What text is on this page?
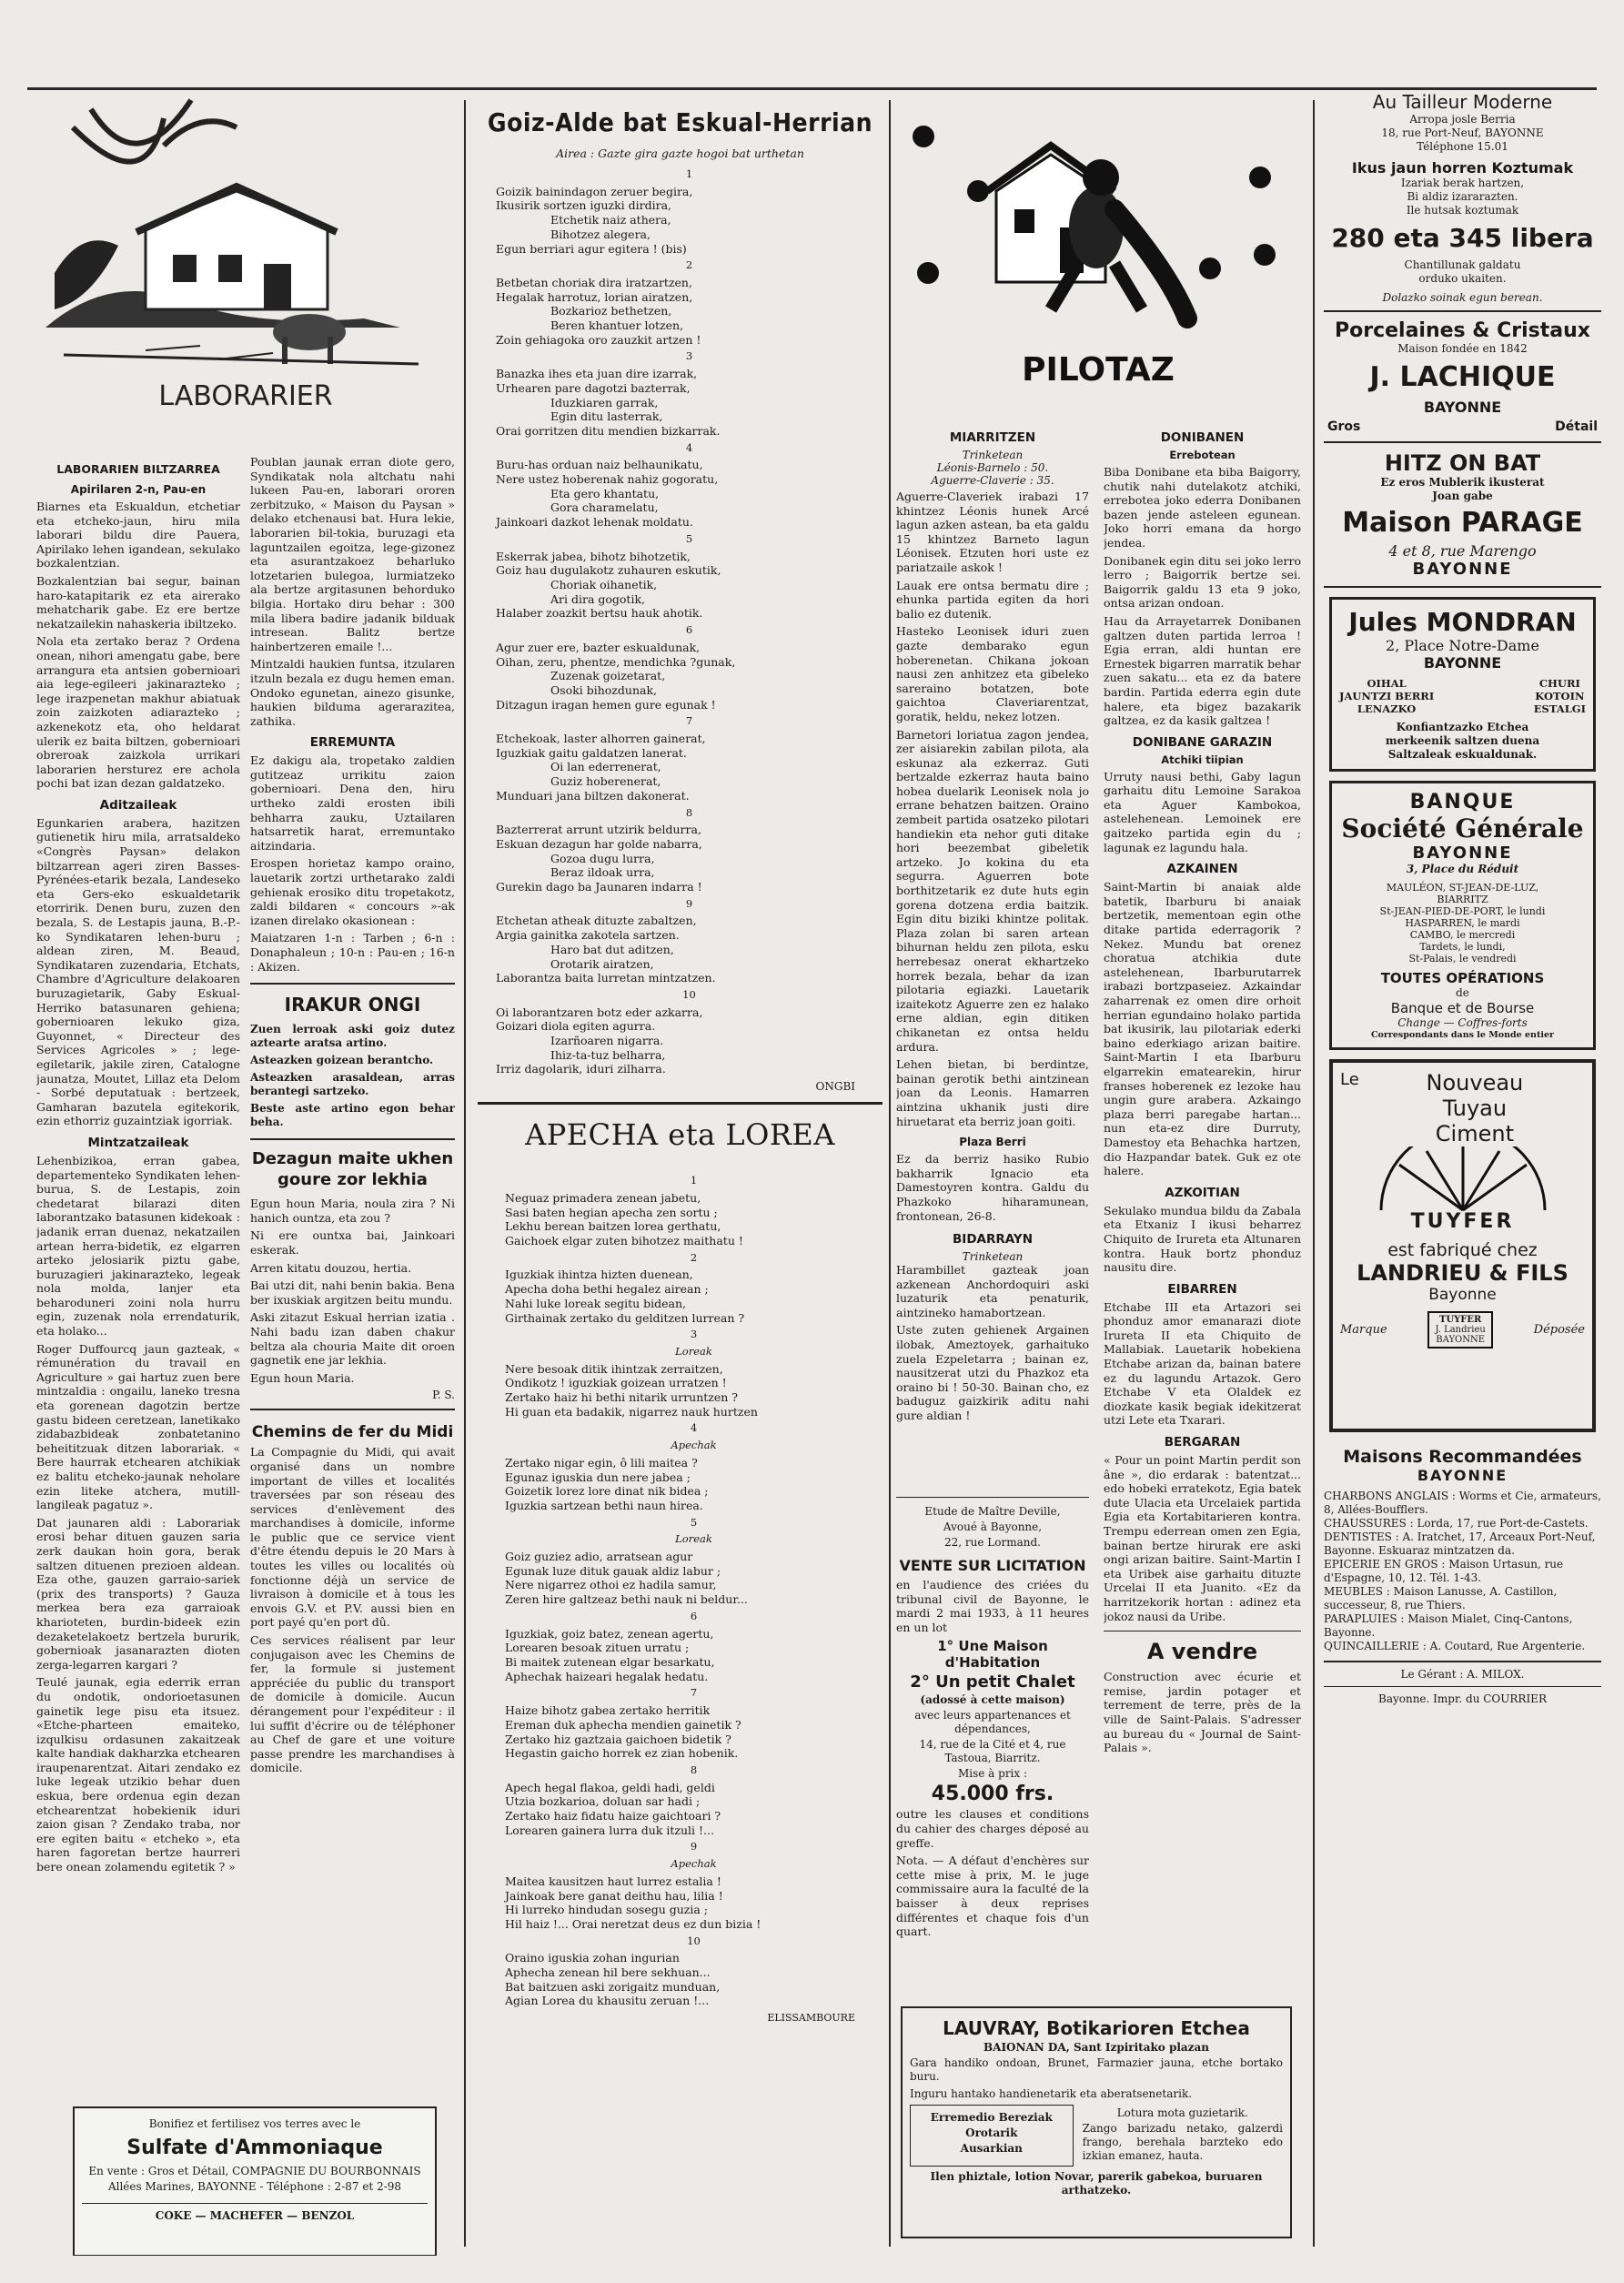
LABORARIER
LABORARIEN BILTZARREA
Apirilaren 2-n, Pau-en

Biarnes eta Eskualdun, etchetiar eta etcheko-jaun, hiru mila laborari bildu dire Pauera, Apirilako lehen igandean, sekulako bozkalentzian.

Bozkalentzian bai segur, bainan haro-katapitarik ez eta airerako mehatcharik gabe. Ez ere bertze nekatzailekin nahaskeria ibiltzeko.

Nola eta zertako beraz ? Ordena onean, nihori amengatu gabe, bere arrangura eta antsien gobernioari aiа lege-egileeri jakinarazteko ; lege irazpenetan makhur abiatuak zoin zaizkoten adiarazteko ; azkenekotz eta, oho heldarat ulerik ez baita biltzen, gobernioari obreroak zaizkola urrikari laborarien hersturez ere achola pochi bat izan dezan galdatzeko.

Aditzaileak

Egunkarien arabera, hazitzen gutienetik hiru mila, arratsaldeko «Congrès Paysan» delakon biltzarrean ageri ziren Basses-Pyrénées-etarik bezala, Landeseko eta Gers-eko eskualdetarik etorririk. Denen buru, zuzen den bezala, S. de Lestapis jauna, B.-P.-ko Syndikataren lehen-buru ; aldean ziren, M. Beaud, Syndikataren zuzendaria, Etchats, Chambre d'Agriculture delakoaren buruzagietarik, Gaby Eskual-Herriko batasunaren gehiena; gobernioaren lekuko giza, Guyonnet, « Directeur des Services Agricoles » ; lege-egiletarik, jakile ziren, Catalogne jaunatza, Moutet, Lillaz eta Delom - Sorbé deputatuak : bertzeek, Gamharan bazutela egitekorik, ezin ethorriz guzaintziak igorriak.

Mintzatzaileak

Lehenbizikoa, erran gabea, departementeko Syndikaten lehen-burua, S. de Lestapis, zoin chedetarat bilarazi diten laborantzako batasunen kidekoak : jadanik erran duenaz, nekatzailen artean herra-bidetik, ez elgarren arteko jelosiarik piztu gabe, buruzagieri jakinarazteko, legeak nola molda, lanjer eta beharoduneri zoini nola hurru egin, zuzenak nola errendaturik, eta holako...

Roger Duffourcq jaun gazteak, « rémunération du travail en Agriculture » gai hartuz zuen bere mintzaldia : ongailu, laneko tresna eta gorenean dagotzin bertze gastu bideen ceretzean, lanetikako zidabazbideak zonbatetanino beheititzuak ditzen laborariak. « Bere haurrak etchearen atchikiak ez balitu etcheko-jaunak neholare ezin liteke atchera, mutill-langileak pagatuz ».

Dat jaunaren aldi : Laborariak erosi behar dituen gauzen saria zerk daukan hoin gora, berak saltzen dituenen prezioen aldean. Eza othe, gauzen garraio-sariek (prix des transports) ? Gauza merkea bera eza garraioak kharioteten, burdin-bideek ezin dezaketelakoetz bertzela bururik, gobernioak jasanarazten dioten zerga-legarren kargari ?

Teulé jaunak, egia ederrik erran du ondotik, ondorioetasunen gainetik lege pisu eta itsuez. «Etche-pharteen emaiteko, izqulkisu ordasunen zakaitzeak kalte handiak dakharzka etchearen iraupenarentzat. Aitari zendako ez luke legeak utzikio behar duen eskua, bere ordenua egin dezan etchearentzat hobekienik iduri zaion gisan ? Zendako traba, nor ere egiten baitu « etcheko », eta haren fagoretan bertze haurreri bere onean zolamendu egitetik ? »

Poublan jaunak erran diote gero, Syndikatak nola altchatu nahi lukeen Pau-en, laborari ororen zerbitzuko, « Maison du Paysan » delako etchenausi bat. Hura lekie, laborarien bil-tokia, buruzagi eta laguntzailen egoitza, lege-gizonez eta asurantzakoez beharluko lotzetarien bulegoa, lurmiatzeko ala bertze argitasunen behorduko bilgia. Hortako diru behar : 300 mila libera badire jadanik bilduak intresean. Balitz bertze hainbertzeren emaile !...

Mintzaldi haukien funtsa, itzularen itzuln bezala ez dugu hemen eman. Ondoko egunetan, ainezo gisunke, haukien bilduma agerarazitea, zathika.

ERREMUNTA

Ez dakigu ala, tropetako zaldien gutitzeaz urrikitu zaion gobernioari. Dena den, hiru urtheko zaldi erosten ibili behharra zauku, Uztailaren hatsarretik harat, erremuntako aitzindaria.

Erospen horietaz kampo oraino, lauetarik zortzi urthetarako zaldi gehienak erosiko ditu tropetakotz, zaldi bildaren « concours »-ak izanen direlako okasionean :

Maiatzaren 1-n : Tarben ; 6-n : Donaphaleun ; 10-n : Pau-en ; 16-n : Akizen.

IRAKUR ONGI

Zuen lerroak aski goiz dutez aztearte aratsa artino.

Asteazken goizean berantcho.

Asteazken arasaldean, arras berantegi sartzeko.

Beste aste artino egon behar beha.

Dezagun maite ukhen
goure zor lekhia

Egun houn Maria, noula zira ? Ni hanich ountza, eta zou ?

Ni ere ountxa bai, Jainkoari eskerak.

Arren kitatu douzou, hertia.

Bai utzi dit, nahi benin bakia. Bena ber ixuskiak argitzen beitu mundu.

Aski zitazut Eskual herrian izatia . Nahi badu izan daben chakur beltza ala chouria Maite dit oroen gagnetik ene jar lekhia.

Egun houn Maria.

P. S.
Chemins de fer du Midi

La Compagnie du Midi, qui avait organisé dans un nombre important de villes et localités traversées par son réseau des services d'enlèvement des marchandises à domicile, informe le public que ce service vient d'être étendu depuis le 20 Mars à toutes les villes ou localités où fonctionne déjà un service de livraison à domicile et à tous les envois G.V. et P.V. aussi bien en port payé qu'en port dû.

Ces services réalisent par leur conjugaison avec les Chemins de fer, la formule si justement appréciée du public du transport de domicile à domicile. Aucun dérangement pour l'expéditeur : il lui suffit d'écrire ou de téléphoner au Chef de gare et une voiture passe prendre les marchandises à domicile.

Bonifiez et fertilisez vos terres avec le
Sulfate d'Ammoniaque
En vente : Gros et Détail, COMPAGNIE DU BOURBONNAIS
Allées Marines, BAYONNE - Téléphone : 2-87 et 2-98
COKE — MACHEFER — BENZOL
Goiz-Alde bat Eskual-Herrian
Airea : Gazte gira gazte hogoi bat urthetan
1
Goizik bainindagon zeruer begira,
Ikusirik sortzen iguzki dirdira,
Etchetik naiz athera,
Bihotzez alegera,
Egun berriari agur egitera ! (bis)
2
Betbetan choriak dira iratzartzen,
Hegalak harrotuz, lorian airatzen,
Bozkarioz bethetzen,
Beren khantuer lotzen,
Zoin gehiagoka oro zauzkit artzen !
3
Banazka ihes eta juan dire izarrak,
Urhearen pare dagotzi bazterrak,
Iduzkiaren garrak,
Egin ditu lasterrak,
Orai gorritzen ditu mendien bizkarrak.
4
Buru-has orduan naiz belhaunikatu,
Nere ustez hoberenak nahiz gogoratu,
Eta gero khantatu,
Gora charamelatu,
Jainkoari dazkot lehenak moldatu.
5
Eskerrak jabea, bihotz bihotzetik,
Goiz hau dugulakotz zuhauren eskutik,
Choriak oihanetik,
Ari dira gogotik,
Halaber zoazkit bertsu hauk ahotik.
6
Agur zuer ere, bazter eskualdunak,
Oihan, zeru, phentze, mendichka ?gunak,
Zuzenak goizetarat,
Osoki bihozdunak,
Ditzagun iragan hemen gure egunak !
7
Etchekoak, laster alhorren gainerat,
Iguzkiak gaitu galdatzen lanerat.
Oi lan ederrenerat,
Guziz hoberenerat,
Munduari jana biltzen dakonerat.
8
Bazterrerat arrunt utzirik beldurra,
Eskuan dezagun har golde nabarra,
Gozoa dugu lurra,
Beraz ildoak urra,
Gurekin dago ba Jaunaren indarra !
9
Etchetan atheak dituzte zabaltzen,
Argia gainitka zakotela sartzen.
Haro bat dut aditzen,
Orotarik airatzen,
Laborantza baita lurretan mintzatzen.
10
Oi laborantzaren botz eder azkarra,
Goizari diola egiten agurra.
Izarñoaren nigarra.
Ihiz-ta-tuz belharra,
Irriz dagolarik, iduri zilharra.
ONGBI
APECHA eta LOREA
1
Neguaz primadera zenean jabetu,
Sasi baten hegian apecha zen sortu ;
Lekhu berean baitzen lorea gerthatu,
Gaichoek elgar zuten bihotzez maithatu !
2
Iguzkiak ihintza hizten duenean,
Apecha doha bethi hegalez airean ;
Nahi luke loreak segitu bidean,
Girthainak zertako du gelditzen lurrean ?
3
Loreak
Nere besoak ditik ihintzak zerraitzen,
Ondikotz ! iguzkiak goizean urratzen !
Zertako haiz hi bethi nitarik urruntzen ?
Hi guan eta badakik, nigarrez nauk hurtzen
4
Apechak
Zertako nigar egin, ô lili maitea ?
Egunaz iguskia dun nere jabea ;
Goizetik lorez lore dinat nik bidea ;
Iguzkia sartzean bethi naun hirea.
5
Loreak
Goiz guziez adio, arratsean agur
Egunak luze dituk gauak aldiz labur ;
Nere nigarrez othoi ez hadila samur,
Zeren hire galtzeaz bethi nauk ni beldur...
6
Iguzkiak, goiz batez, zenean agertu,
Lorearen besoak zituen urratu ;
Bi maitek zutenean elgar besarkatu,
Aphechak haizeari hegalak hedatu.
7
Haize bihotz gabea zertako herritik
Ereman duk aphecha mendien gainetik ?
Zertako hiz gaztzaia gaichoen bidetik ?
Hegastin gaicho horrek ez zian hobenik.
8
Apech hegal flakoa, geldi hadi, geldi
Utzia bozkarioa, doluan sar hadi ;
Zertako haiz fidatu haize gaichtoari ?
Lorearen gainera lurra duk itzuli !...
9
Apechak
Maitea kausitzen haut lurrez estalia !
Jainkoak bere ganat deithu hau, lilia !
Hi lurreko hindudan sosegu guzia ;
Hil haiz !... Orai neretzat deus ez dun bizia !
10
Oraino iguskia zohan ingurian
Aphecha zenean hil bere sekhuan...
Bat baitzuen aski zorigaitz munduan,
Agian Lorea du khausitu zeruan !...
ELISSAMBOURE
PILOTAZ
MIARRITZEN
Trinketean
Léonis-Barnelo : 50.
Aguerre-Claverie : 35.

Aguerre-Claveriek irabazi 17 khintzez Léonis hunek Arcé lagun azken astean, ba eta galdu 15 khintzez Barneto lagun Léonisek. Etzuten hori uste ez pariatzaile askok !

Lauak ere ontsa bermatu dire ; ehunka partida egiten da hori balio ez dutenik.

Hasteko Leonisek iduri zuen gazte dembarako egun hoberenetan. Chikana jokoan nausi zen anhitzez eta gibeleko sareraino botatzen, bote gaichtoa Claveriarentzat, goratik, heldu, nekez lotzen.

Barnetori loriatua zagon jendea, zer aisiarekin zabilan pilota, ala eskunaz ala ezkerraz. Guti bertzalde ezkerraz hauta baino hobea duelarik Leonisek nola jo errane behatzen baitzen. Oraino zembeit partida osatzeko pilotari handiekin eta nehor guti ditake hori beezembat gibeletik artzeko. Jo kokina du eta segurra. Aguerren bote borthitzetarik ez dute huts egin gorena dotzena erdia baitzik. Egin ditu biziki khintze politak. Plaza zolan bi saren artean bihurnan heldu zen pilota, esku herrebesaz onerat ekhartzeko horrek bezala, behar da izan pilotaria egiazki. Lauetarik izaitekotz Aguerre zen ez halako erne aldian, egin ditiken chikanetan ez ontsa heldu ardura.

Lehen bietan, bi berdintze, bainan gerotik bethi aintzinean joan da Leonis. Hamarren aintzina ukhanik justi dire hiruetarat eta berriz joan goiti.

Plaza Berri

Ez da berriz hasiko Rubio bakharrik Ignacio eta Damestoyren kontra. Galdu du Phazkoko hiharamunean, frontonean, 26-8.

BIDARRAYN
Trinketean

Harambillet gazteak joan azkenean Anchordoquiri aski luzaturik eta penaturik, aintzineko hamabortzean.

Uste zuten gehienek Argainen ilobak, Ameztoyek, garhaituko zuela Ezpeletarra ; bainan ez, nausitzerat utzi du Phazkoz eta oraino bi ! 50-30. Bainan cho, ez baduguz gaizkirik aditu nahi gure aldian !

Etude de Maître Deville,
Avoué à Bayonne,
22, rue Lormand.
VENTE SUR LICITATION

en l'audience des criées du tribunal civil de Bayonne, le mardi 2 mai 1933, à 11 heures en un lot

1° Une Maison d'Habitation
2° Un petit Chalet
(adossé à cette maison)
avec leurs appartenances et dépendances,
14, rue de la Cité et 4, rue Tastoua, Biarritz.
Mise à prix :
45.000 frs.

outre les clauses et conditions du cahier des charges déposé au greffe.

Nota. — A défaut d'enchères sur cette mise à prix, M. le juge commissaire aura la faculté de la baisser à deux reprises différentes et chaque fois d'un quart.

DONIBANEN
Errebotean

Biba Donibane eta biba Baigorry, chutik nahi dutelakotz atchiki, errebotea joko ederra Donibanen bazen jende asteleen egunean. Joko horri emana da horgo jendea.

Donibanek egin ditu sei joko lerro lerro ; Baigorrik bertze sei. Baigorrik galdu 13 eta 9 joko, ontsa arizan ondoan.

Hau da Arrayetarrek Donibanen galtzen duten partida lerroa ! Egia erran, aldi huntan ere Ernestek bigarren marratik behar zuen sakatu... eta ez da batere bardin. Partida ederra egin dute halere, eta bigez bazakarik galtzea, ez da kasik galtzea !

DONIBANE GARAZIN
Atchiki tiipian

Urruty nausi bethi, Gaby lagun garhaitu ditu Lemoine Sarakoa eta Aguer Kambokoa, astelehenean. Lemoinek ere gaitzeko partida egin du ; lagunak ez lagundu hala.

AZKAINEN

Saint-Martin bi anaiak alde batetik, Ibarburu bi anaiak bertzetik, mementoan egin othe ditake partida ederragorik ? Nekez. Mundu bat orenez choratua atchikia dute astelehenean, Ibarburutarrek irabazi bortzpaseiez. Azkaindar zaharrenak ez omen dire orhoit herrian egundaino holako partida bat ikusirik, lau pilotariak ederki baino ederkiago arizan baitire. Saint-Martin I eta Ibarburu elgarrekin ematearekin, hirur franses hoberenek ez lezoke hau ungin gure arabera. Azkaingo plaza berri paregabe hartan... nun eta-ez dire Durruty, Damestoy eta Behachka hartzen, dio Hazpandar batek. Guk ez ote halere.

AZKOITIAN

Sekulako mundua bildu da Zabala eta Etxaniz I ikusi beharrez Chiquito de Irureta eta Altunaren kontra. Hauk bortz phonduz nausitu dire.

EIBARREN

Etchabe III eta Artazori sei phonduz amor emanarazi diote Irureta II eta Chiquito de Mallabiak. Lauetarik hobekiena Etchabe arizan da, bainan batere ez du lagundu Artazok. Gero Etchabe V eta Olaldek ez diozkate kasik begiak idekitzerat utzi Lete eta Txarari.

BERGARAN

« Pour un point Martin perdit son âne », dio erdarak : batentzat... edo hobeki erratekotz, Egia batek dute Ulacia eta Urcelaiek partida Egia eta Kortabitarieren kontra. Trempu ederrean omen zen Egia, bainan bertze hirurak ere aski ongi arizan baitire. Saint-Martin I eta Uribek aise garhaitu dituzte Urcelai II eta Juanito. «Ez da harritzekorik hortan : adinez eta jokoz nausi da Uribe.

A vendre

Construction avec écurie et remise, jardin potager et terrement de terre, près de la ville de Saint-Palais. S'adresser au bureau du « Journal de Saint-Palais ».

LAUVRAY, Botikarioren Etchea
BAIONAN DA, Sant Izpiritako plazan

Gara handiko ondoan, Brunet, Farmazier jauna, etche bortako buru.

Inguru hantako handienetarik eta aberatsenetarik.

Erremedio Bereziak
Orotarik
Ausarkian
Lotura mota guzietarik.

Zango barizadu netako, galzerdi frango, berehala barzteko edo izkian emanez, hauta.

Ilen phiztale, lotion Novar, parerik gabekoa, buruaren arthatzeko.
Au Tailleur Moderne
Arropa josle Berria
18, rue Port-Neuf, BAYONNE
Téléphone 15.01
Ikus jaun horren Koztumak
Izariak berak hartzen,
Bi aldiz izararazten.
Ile hutsak koztumak
280 eta 345 libera
Chantillunak galdatu
orduko ukaiten.
Dolazko soinak egun berean.
Porcelaines & Cristaux
Maison fondée en 1842
J. LACHIQUE
BAYONNE
Gros	Détail
HITZ ON BAT
Ez eros Mublerik ikusterat
Joan gabe
Maison PARAGE
4 et 8, rue Marengo
BAYONNE
Jules MONDRAN
2, Place Notre-Dame
BAYONNE
OIHAL
JAUNTZI BERRI
LENAZKO
CHURI
KOTOIN
ESTALGI
Konfiantzazko Etchea
merkeenik saltzen duena
Saltzaleak eskualdunak.
BANQUE
Société Générale
BAYONNE
3, Place du Réduit
MAULÉON, ST-JEAN-DE-LUZ,
BIARRITZ
St-JEAN-PIED-DE-PORT, le lundi
HASPARREN, le mardi
CAMBO, le mercredi
Tardets, le lundi,
St-Palais, le vendredi
TOUTES OPÉRATIONS
de
Banque et de Bourse
Change — Coffres-forts
Correspondants dans le Monde entier
Le	Nouveau
Tuyau
Ciment
TUYFER
est fabriqué chez
LANDRIEU & FILS
Bayonne
Marque
TUYFER
J. Landrieu
BAYONNE
Déposée
Maisons Recommandées
BAYONNE
CHARBONS ANGLAIS : Worms et Cie, armateurs, 8, Allées-Boufflers.
CHAUSSURES : Lorda, 17, rue Port-de-Castets.
DENTISTES : A. Iratchet, 17, Arceaux Port-Neuf, Bayonne. Eskuaraz mintzatzen da.
EPICERIE EN GROS : Maison Urtasun, rue d'Espagne, 10, 12. Tél. 1-43.
MEUBLES : Maison Lanusse, A. Castillon, successeur, 8, rue Thiers.
PARAPLUIES : Maison Mialet, Cinq-Cantons, Bayonne.
QUINCAILLERIE : A. Coutard, Rue Argenterie.
Le Gérant : A. MILOX.
Bayonne. Impr. du COURRIER
